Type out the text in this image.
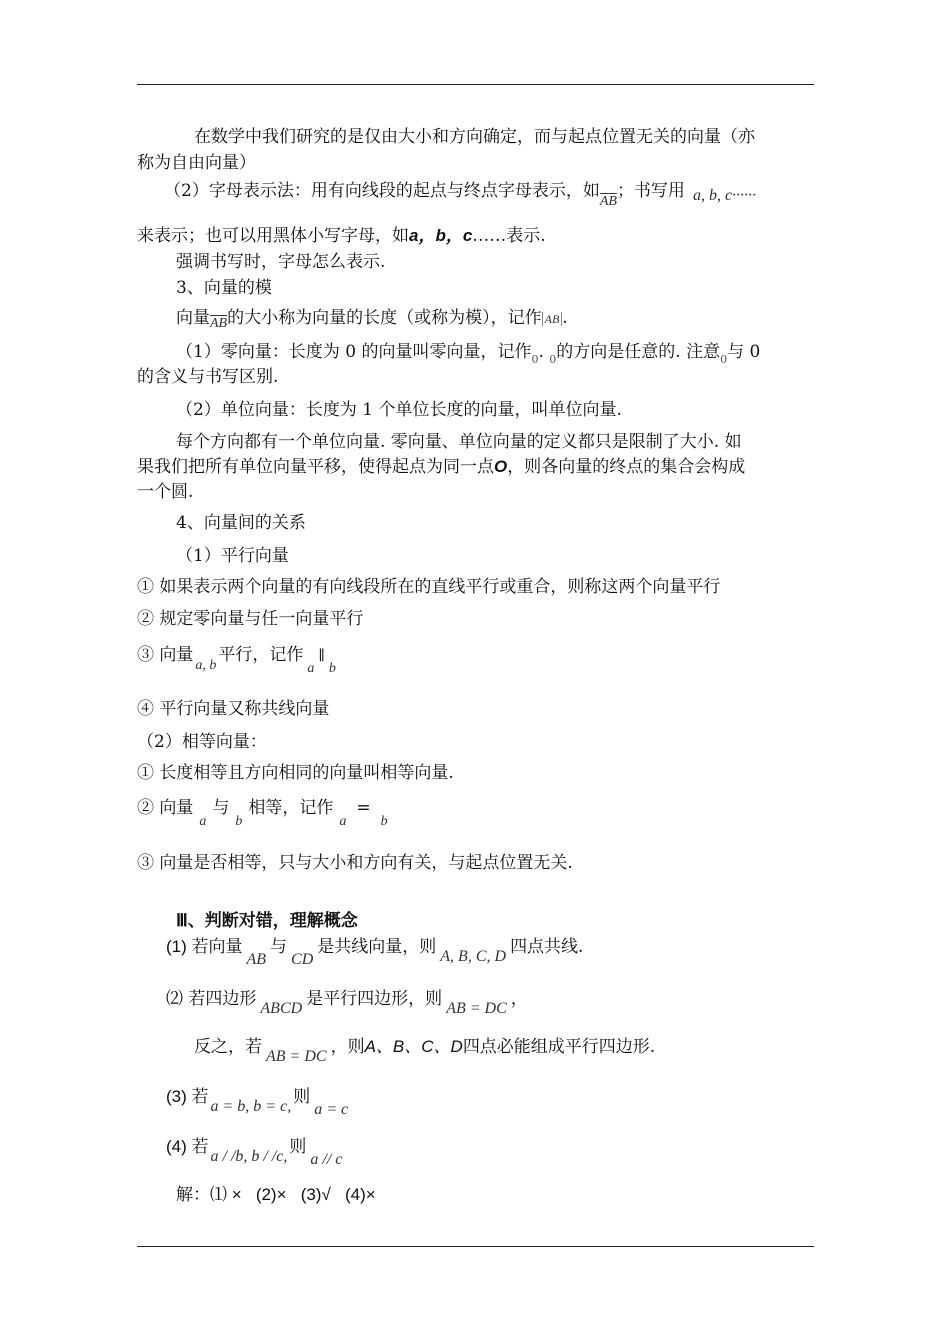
在数学中我们研究的是仅由大小和方向确定，而与起点位置无关的向量（亦
称为自由向量）
（2）字母表示法：用有向线段的起点与终点字母表示，如$_{\overline{AB}}$；书写用 a, b, c······
来表示；也可以用黑体小写字母，如a，b，c……表示.
强调书写时，字母怎么表示.
3、向量的模
向量$_{\overline{AB}}$的大小称为向量的长度（或称为模），记作 AB .
（1）零向量：长度为 0 的向量叫零向量，记作$_0$. $_0$的方向是任意的. 注意$_0$与 0
的含义与书写区别.
（2）单位向量：长度为 1 个单位长度的向量，叫单位向量.
每个方向都有一个单位向量. 零向量、单位向量的定义都只是限制了大小. 如
果我们把所有单位向量平移，使得起点为同一点O，则各向量的终点的集合会构成
一个圆.
4、向量间的关系
（1）平行向量
① 如果表示两个向量的有向线段所在的直线平行或重合，则称这两个向量平行
② 规定零向量与任一向量平行
③ 向量$_{a, b}$平行，记作$_a\parallel_b$
④ 平行向量又称共线向量
（2）相等向量：
① 长度相等且方向相同的向量叫相等向量.
② 向量$_a$与$_b$相等，记作$_a=_b$
③ 向量是否相等，只与大小和方向有关，与起点位置无关.
Ⅲ、判断对错，理解概念
(1) 若向量AB与CD是共线向量，则 A, B, C, D 四点共线.
⑵ 若四边形 ABCD 是平行四边形，则 AB = DC ，
反之，若 AB = DC ，则A、B、C、D四点必能组成平行四边形.
(3) 若a = b, b = c, 则a = c
(4) 若a / /b, b / /c, 则a // c
解：⑴ ×   (2)×   (3)√   (4)×
